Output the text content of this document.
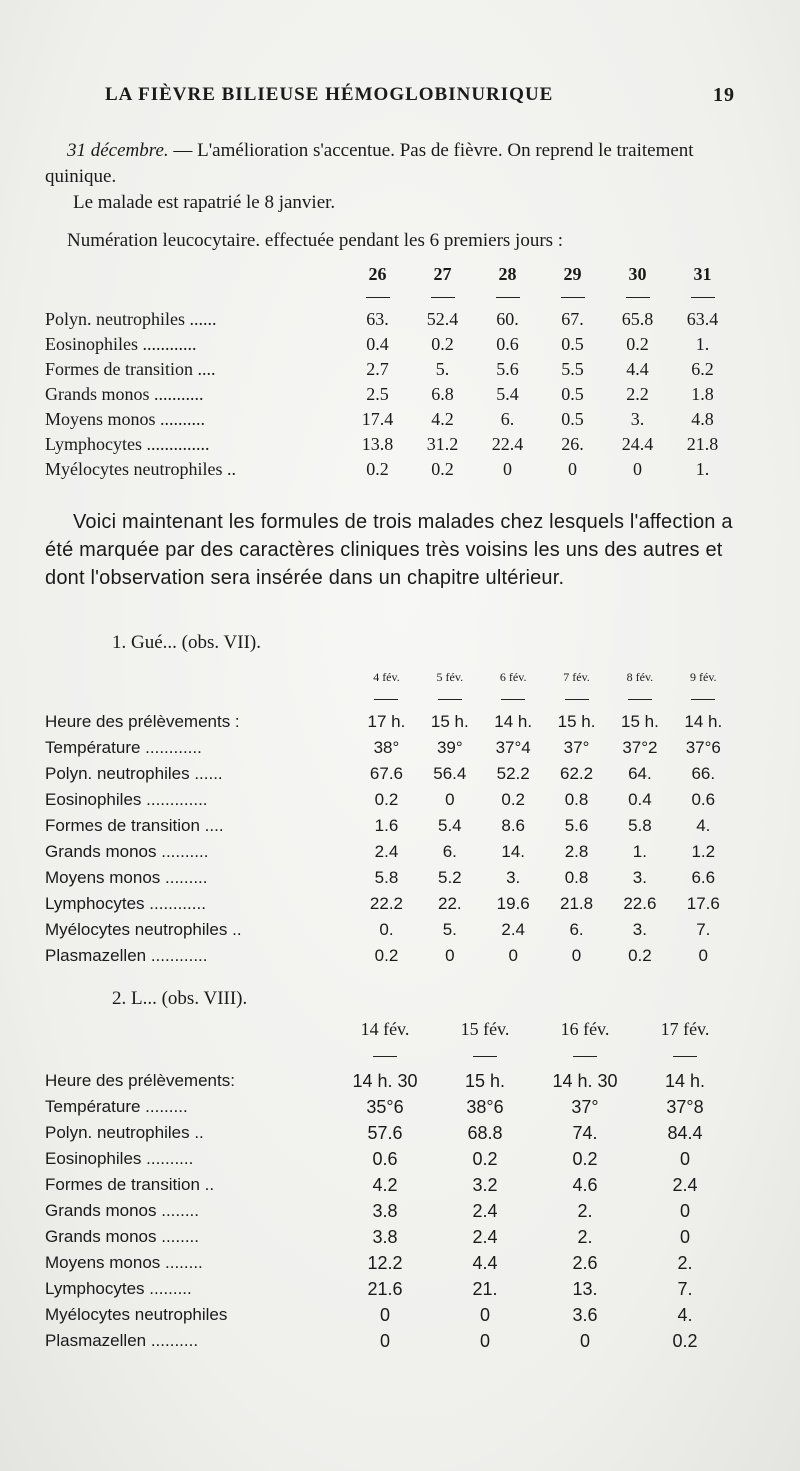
LA FIÈVRE BILIEUSE HÉMOGLOBINURIQUE	19

31 décembre. — L'amélioration s'accentue. Pas de fièvre. On reprend le traitement quinique.

Le malade est rapatrié le 8 janvier.

Numération leucocytaire. effectuée pendant les 6 premiers jours :

	26	27	28	29	30	31

Polyn. neutrophiles ......	63.	52.4	60.	67.	65.8	63.4
Eosinophiles ............	0.4	0.2	0.6	0.5	0.2	1.
Formes de transition ....	2.7	5.	5.6	5.5	4.4	6.2
Grands monos ...........	2.5	6.8	5.4	0.5	2.2	1.8
Moyens monos ..........	17.4	4.2	6.	0.5	3.	4.8
Lymphocytes ..............	13.8	31.2	22.4	26.	24.4	21.8
Myélocytes neutrophiles ..	0.2	0.2	0	0	0	1.

Voici maintenant les formules de trois malades chez lesquels l'affection a été marquée par des caractères cliniques très voisins les uns des autres et dont l'observation sera insérée dans un chapitre ultérieur.

1. Gué... (obs. VII).

	4 fév.	5 fév.	6 fév.	7 fév.	8 fév.	9 fév.

Heure des prélèvements :	17 h.	15 h.	14 h.	15 h.	15 h.	14 h.
Température ............	38°	39°	37°4	37°	37°2	37°6
Polyn. neutrophiles ......	67.6	56.4	52.2	62.2	64.	66.
Eosinophiles .............	0.2	0	0.2	0.8	0.4	0.6
Formes de transition ....	1.6	5.4	8.6	5.6	5.8	4.
Grands monos ..........	2.4	6.	14.	2.8	1.	1.2
Moyens monos .........	5.8	5.2	3.	0.8	3.	6.6
Lymphocytes ............	22.2	22.	19.6	21.8	22.6	17.6
Myélocytes neutrophiles ..	0.	5.	2.4	6.	3.	7.
Plasmazellen ............	0.2	0	0	0	0.2	0

2. L... (obs. VIII).

	14 fév.	15 fév.	16 fév.	17 fév.

Heure des prélèvements:	14 h. 30	15 h.	14 h. 30	14 h.
Température .........	35°6	38°6	37°	37°8
Polyn. neutrophiles ..	57.6	68.8	74.	84.4
Eosinophiles ..........	0.6	0.2	0.2	0
Formes de transition ..	4.2	3.2	4.6	2.4
Grands monos ........	3.8	2.4	2.	0
Grands monos ........	3.8	2.4	2.	0
Moyens monos ........	12.2	4.4	2.6	2.
Lymphocytes .........	21.6	21.	13.	7.
Myélocytes neutrophiles	0	0	3.6	4.
Plasmazellen ..........	0	0	0	0.2
